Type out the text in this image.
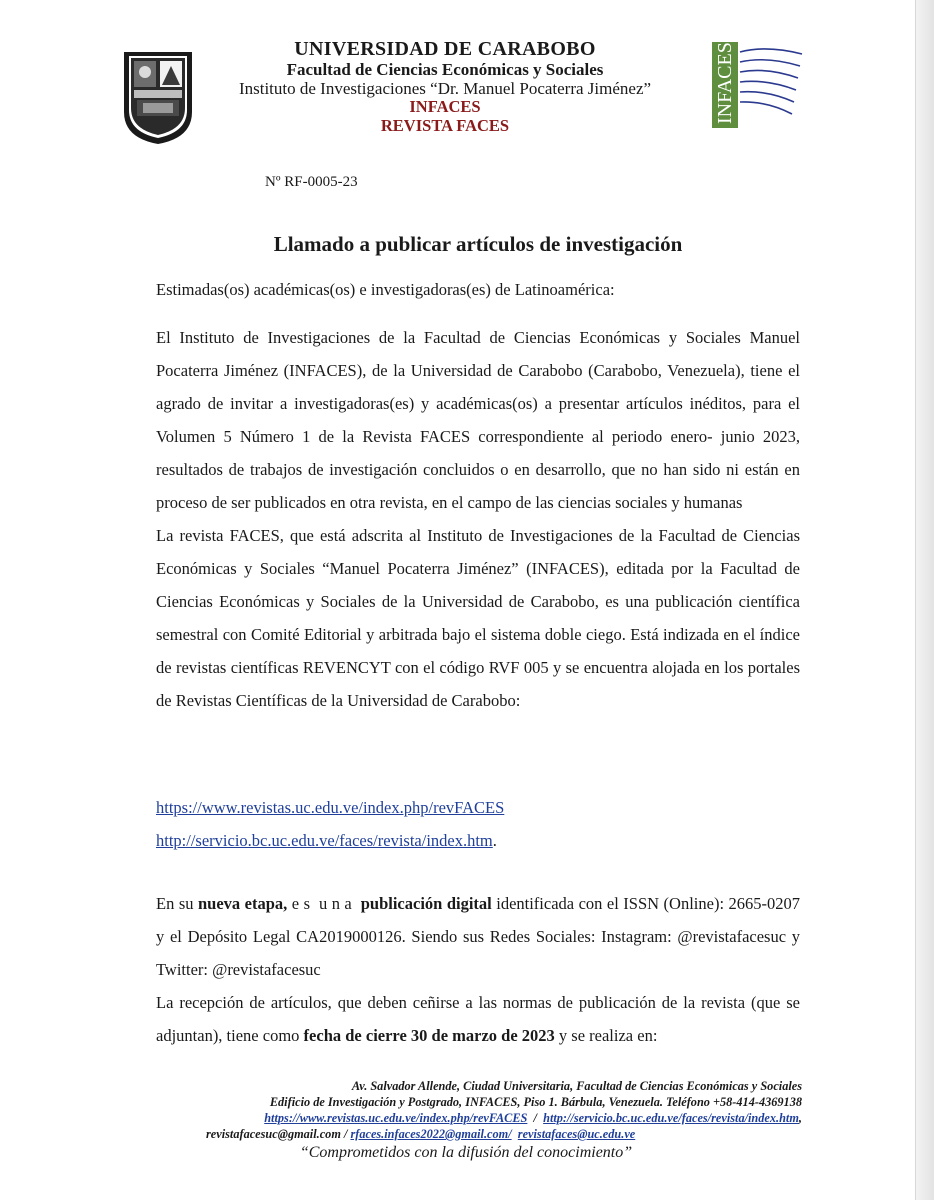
UNIVERSIDAD DE CARABOBO
Facultad de Ciencias Económicas y Sociales
Instituto de Investigaciones “Dr. Manuel Pocaterra Jiménez”
INFACES
REVISTA FACES
INFACES
Nº RF-0005-23
Llamado a publicar artículos de investigación
Estimadas(os) académicas(os) e investigadoras(es) de Latinoamérica:
El Instituto de Investigaciones de la Facultad de Ciencias Económicas y Sociales Manuel Pocaterra Jiménez (INFACES), de la Universidad de Carabobo (Carabobo, Venezuela), tiene el agrado de invitar a investigadoras(es) y académicas(os) a presentar artículos inéditos, para el Volumen 5 Número 1 de la Revista FACES correspondiente al periodo enero- junio 2023, resultados de trabajos de investigación concluidos o en desarrollo, que no han sido ni están en proceso de ser publicados en otra revista, en el campo de las ciencias sociales y humanas
La revista FACES, que está adscrita al Instituto de Investigaciones de la Facultad de Ciencias Económicas y Sociales “Manuel Pocaterra Jiménez” (INFACES), editada por la Facultad de Ciencias Económicas y Sociales de la Universidad de Carabobo, es una publicación científica semestral con Comité Editorial y arbitrada bajo el sistema doble ciego. Está indizada en el índice de revistas científicas REVENCYT con el código RVF 005 y se encuentra alojada en los portales de Revistas Científicas de la Universidad de Carabobo:
https://www.revistas.uc.edu.ve/index.php/revFACES
http://servicio.bc.uc.edu.ve/faces/revista/index.htm.
En su nueva etapa, e s  u n a  publicación digital identificada con el ISSN (Online): 2665-0207 y el Depósito Legal CA2019000126. Siendo sus Redes Sociales: Instagram: @revistafacesuc y Twitter: @revistafacesuc
La recepción de artículos, que deben ceñirse a las normas de publicación de la revista (que se adjuntan), tiene como fecha de cierre 30 de marzo de 2023 y se realiza en:
Av. Salvador Allende, Ciudad Universitaria, Facultad de Ciencias Económicas y Sociales
Edificio de Investigación y Postgrado, INFACES, Piso 1. Bárbula, Venezuela. Teléfono +58-414-4369138
https://www.revistas.uc.edu.ve/index.php/revFACES  /  http://servicio.bc.uc.edu.ve/faces/revista/index.htm,
revistafacesuc@gmail.com / rfaces.infaces2022@gmail.com/ revistafaces@uc.edu.ve
“Comprometidos con la difusión del conocimiento”
